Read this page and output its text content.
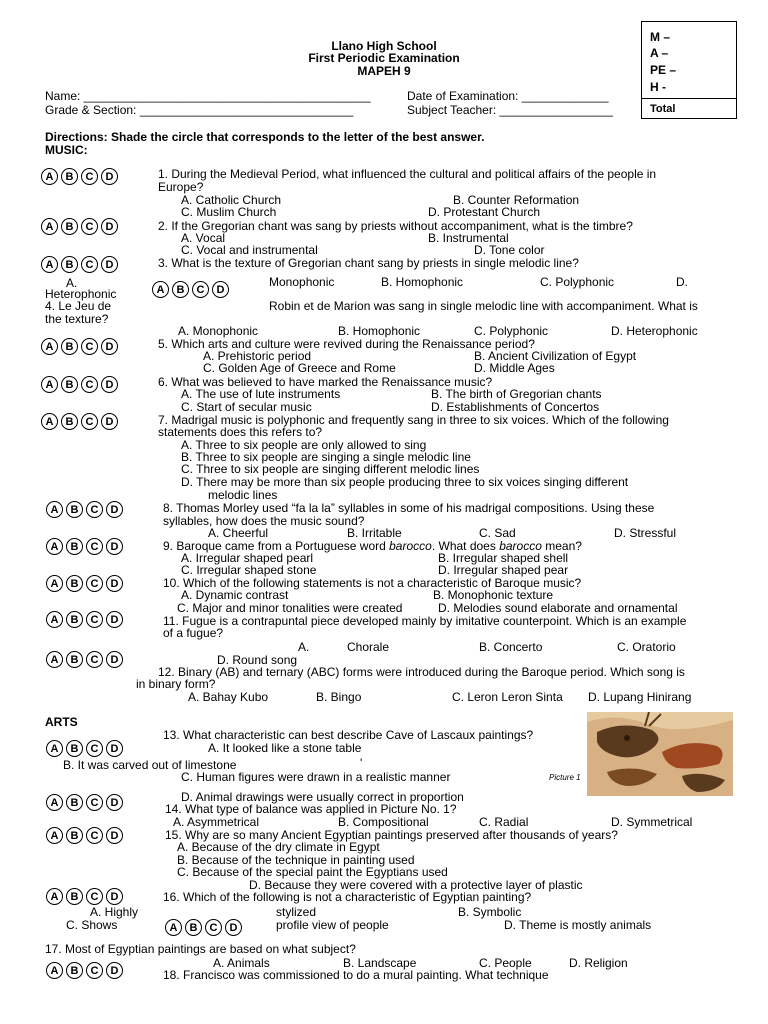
Llano High School
First Periodic Examination
MAPEH 9
M –
A –
PE –
H -
Total
Name: ___________________________________________
Grade & Section: ________________________________
Date of Examination: _____________
Subject Teacher: _________________
Directions: Shade the circle that corresponds to the letter of the best answer.
MUSIC:
A	B	C	D
A	B	C	D
A	B	C	D
A	B	C	D
A	B	C	D
A	B	C	D
A	B	C	D
A	B	C	D
A	B	C	D
A	B	C	D
A	B	C	D
A	B	C	D
A	B	C	D
A	B	C	D
A	B	C	D
A	B	C	D
A	B	C	D
A	B	C	D
1. During the Medieval Period, what influenced the cultural and political affairs of the people in
Europe?
A. Catholic Church	B. Counter Reformation
C. Muslim Church	D. Protestant Church
2. If the Gregorian chant was sang by priests without accompaniment, what is the timbre?
A. Vocal	B. Instrumental
C. Vocal and instrumental	D. Tone color
3. What is the texture of Gregorian chant sang by priests in single melodic line?
A.	Monophonic	B. Homophonic	C. Polyphonic	D.
Heterophonic
4. Le Jeu de	Robin et de Marion was sang in single melodic line with accompaniment. What is
the texture?
A. Monophonic	B. Homophonic	C. Polyphonic	D. Heterophonic
5. Which arts and culture were revived during the Renaissance period?
A. Prehistoric period	B. Ancient Civilization of Egypt
C. Golden Age of Greece and Rome	D. Middle Ages
6. What was believed to have marked the Renaissance music?
A. The use of lute instruments	B. The birth of Gregorian chants
C. Start of secular music	D. Establishments of Concertos
7. Madrigal music is polyphonic and frequently sang in three to six voices. Which of the following
statements does this refers to?
A. Three to six people are only allowed to sing
B. Three to six people are singing a single melodic line
C. Three to six people are singing different melodic lines
D. There may be more than six people producing three to six voices singing different
melodic lines
8. Thomas Morley used “fa la la” syllables in some of his madrigal compositions. Using these
syllables, how does the music sound?
A. Cheerful	B. Irritable	C. Sad	D. Stressful
9. Baroque came from a Portuguese word barocco. What does barocco mean?
A. Irregular shaped pearl	B. Irregular shaped shell
C. Irregular shaped stone	D. Irregular shaped pear
10. Which of the following statements is not a characteristic of Baroque music?
A. Dynamic contrast	B. Monophonic texture
C. Major and minor tonalities were created	D. Melodies sound elaborate and ornamental
11. Fugue is a contrapuntal piece developed mainly by imitative counterpoint. Which is an example
of a fugue?
A.	Chorale	B. Concerto	C. Oratorio
D. Round song
12. Binary (AB) and ternary (ABC) forms were introduced during the Baroque period. Which song is
in binary form?
A. Bahay Kubo	B. Bingo	C. Leron Leron Sinta D. Lupang Hinirang
ARTS
13. What characteristic can best describe Cave of Lascaux paintings?
A. It looked like a stone table
B. It was carved out of limestone	'
C. Human figures were drawn in a realistic manner
D. Animal drawings were usually correct in proportion
14. What type of balance was applied in Picture No. 1?
A. Asymmetrical	B. Compositional	C. Radial	D. Symmetrical
15. Why are so many Ancient Egyptian paintings preserved after thousands of years?
A. Because of the dry climate in Egypt
B. Because of the technique in painting used
C. Because of the special paint the Egyptians used
D. Because they were covered with a protective layer of plastic
16. Which of the following is not a characteristic of Egyptian painting?
A. Highly	stylized	B. Symbolic
C. Shows	profile view of people	D. Theme is mostly animals
17. Most of Egyptian paintings are based on what subject?
A. Animals	B. Landscape	C. People	D. Religion
18. Francisco was commissioned to do a mural painting. What technique
Picture 1
